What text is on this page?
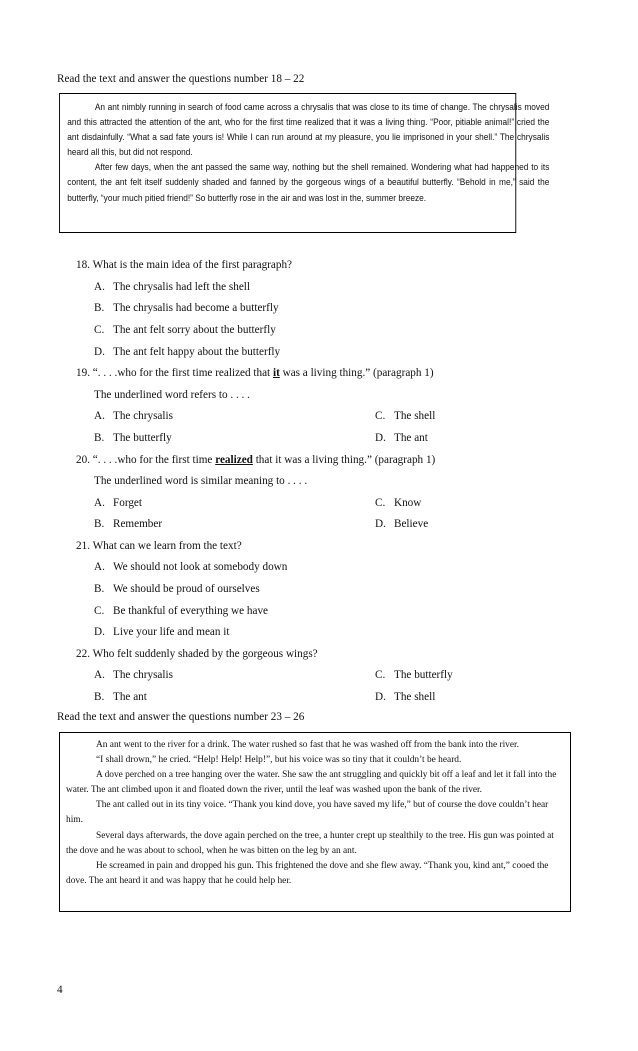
Read the text and answer the questions number 18 – 22

An ant nimbly running in search of food came across a chrysalis that was close to its time of change. The chrysalis moved and this attracted the attention of the ant, who for the first time realized that it was a living thing. “Poor, pitiable animal!” cried the ant disdainfully. “What a sad fate yours is! While I can run around at my pleasure, you lie imprisoned in your shell.” The chrysalis heard all this, but did not respond.

After few days, when the ant passed the same way, nothing but the shell remained. Wondering what had happened to its content, the ant felt itself suddenly shaded and fanned by the gorgeous wings of a beautiful butterfly. “Behold in me,” said the butterfly, “your much pitied friend!” So butterfly rose in the air and was lost in the, summer breeze.

18. What is the main idea of the first paragraph?
A. The chrysalis had left the shell
B. The chrysalis had become a butterfly
C. The ant felt sorry about the butterfly
D. The ant felt happy about the butterfly
19. “. . . .who for the first time realized that it was a living thing.” (paragraph 1)
The underlined word refers to . . . .
A. The chrysalis	C. The shell
B. The butterfly	D. The ant
20. “. . . .who for the first time realized that it was a living thing.” (paragraph 1)
The underlined word is similar meaning to . . . .
A. Forget	C. Know
B. Remember	D. Believe
21. What can we learn from the text?
A. We should not look at somebody down
B. We should be proud of ourselves
C. Be thankful of everything we have
D. Live your life and mean it
22. Who felt suddenly shaded by the gorgeous wings?
A. The chrysalis	C. The butterfly
B. The ant	D. The shell
Read the text and answer the questions number 23 – 26

An ant went to the river for a drink. The water rushed so fast that he was washed off from the bank into the river.

“I shall drown,” he cried. “Help! Help! Help!”, but his voice was so tiny that it couldn’t be heard.

A dove perched on a tree hanging over the water. She saw the ant struggling and quickly bit off a leaf and let it fall into the water. The ant climbed upon it and floated down the river, until the leaf was washed upon the bank of the river.

The ant called out in its tiny voice. “Thank you kind dove, you have saved my life,” but of course the dove couldn’t hear him.

Several days afterwards, the dove again perched on the tree, a hunter crept up stealthily to the tree. His gun was pointed at the dove and he was about to school, when he was bitten on the leg by an ant.

He screamed in pain and dropped his gun. This frightened the dove and she flew away. “Thank you, kind ant,” cooed the dove. The ant heard it and was happy that he could help her.

4
